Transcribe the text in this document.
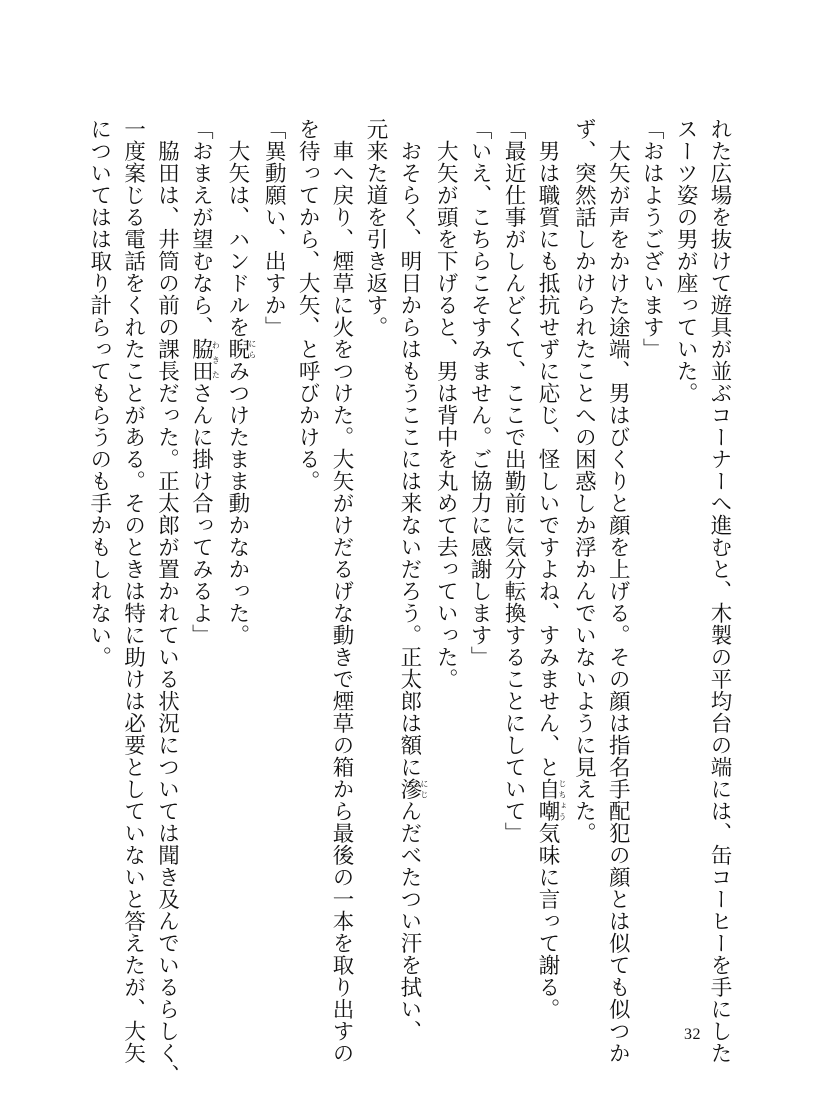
れた広場を抜けて遊具が並ぶコーナーへ進むと、木製の平均台の端には、缶コーヒーを手にした
スーツ姿の男が座っていた。
「おはようございます」
　大矢が声をかけた途端、男はびくりと顔を上げる。その顔は指名手配犯の顔とは似ても似つか
ず、突然話しかけられたことへの困惑しか浮かんでいないように見えた。
　男は職質にも抵抗せずに応じ、怪しいですよね、すみません、と自嘲じちょう気味に言って謝る。
「最近仕事がしんどくて、ここで出勤前に気分転換することにしていて」
「いえ、こちらこそすみません。ご協力に感謝します」
　大矢が頭を下げると、男は背中を丸めて去っていった。
　おそらく、明日からはもうここには来ないだろう。正太郎は額に滲にじんだべたつい汗を拭い、
元来た道を引き返す。
　車へ戻り、煙草に火をつけた。大矢がけだるげな動きで煙草の箱から最後の一本を取り出すの
を待ってから、大矢、と呼びかける。
「異動願い、出すか」
　大矢は、ハンドルを睨にらみつけたまま動かなかった。
「おまえが望むなら、脇田わきたさんに掛け合ってみるよ」
　脇田は、井筒の前の課長だった。正太郎が置かれている状況については聞き及んでいるらしく、
一度案じる電話をくれたことがある。そのときは特に助けは必要としていないと答えたが、大矢
についてはは取り計らってもらうのも手かもしれない。
32
